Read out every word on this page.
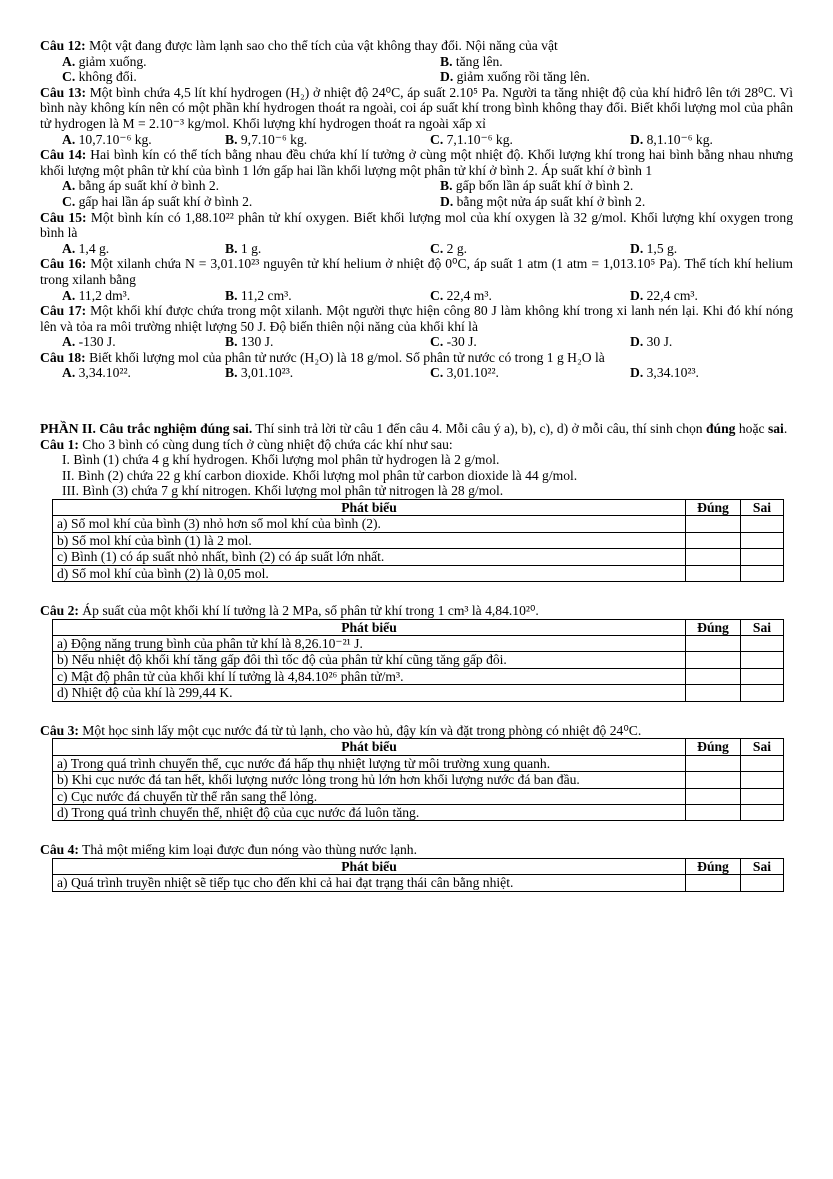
Câu 12: Một vật đang được làm lạnh sao cho thể tích của vật không thay đổi. Nội năng của vật
A. giảm xuống.	B. tăng lên.
C. không đổi.	D. giảm xuống rồi tăng lên.
Câu 13: Một bình chứa 4,5 lít khí hydrogen (H₂) ở nhiệt độ 24⁰C, áp suất 2.10⁵ Pa. Người ta tăng nhiệt độ của khí hiđrô lên tới 28⁰C. Vì bình này không kín nên có một phần khí hydrogen thoát ra ngoài, coi áp suất khí trong bình không thay đổi. Biết khối lượng mol của phân tử hydrogen là M = 2.10⁻³ kg/mol. Khối lượng khí hydrogen thoát ra ngoài xấp xỉ
A. 10,7.10⁻⁶ kg.	B. 9,7.10⁻⁶ kg.	C. 7,1.10⁻⁶ kg.	D. 8,1.10⁻⁶ kg.
Câu 14: Hai bình kín có thể tích bằng nhau đều chứa khí lí tưởng ở cùng một nhiệt độ. Khối lượng khí trong hai bình bằng nhau nhưng khối lượng một phân tử khí của bình 1 lớn gấp hai lần khối lượng một phân tử khí ở bình 2. Áp suất khí ở bình 1
A. bằng áp suất khí ở bình 2.	B. gấp bốn lần áp suất khí ở bình 2.
C. gấp hai lần áp suất khí ở bình 2.	D. bằng một nửa áp suất khí ở bình 2.
Câu 15: Một bình kín có 1,88.10²² phân tử khí oxygen. Biết khối lượng mol của khí oxygen là 32 g/mol. Khối lượng khí oxygen trong bình là
A. 1,4 g.	B. 1 g.	C. 2 g.	D. 1,5 g.
Câu 16: Một xilanh chứa N = 3,01.10²³ nguyên tử khí helium ở nhiệt độ 0⁰C, áp suất 1 atm (1 atm = 1,013.10⁵ Pa). Thể tích khí helium trong xilanh bằng
A. 11,2 dm³.	B. 11,2 cm³.	C. 22,4 m³.	D. 22,4 cm³.
Câu 17: Một khối khí được chứa trong một xilanh. Một người thực hiện công 80 J làm không khí trong xi lanh nén lại. Khi đó khí nóng lên và tỏa ra môi trường nhiệt lượng 50 J. Độ biến thiên nội năng của khối khí là
A. -130 J.	B. 130 J.	C. -30 J.	D. 30 J.
Câu 18: Biết khối lượng mol của phân tử nước (H₂O) là 18 g/mol. Số phân tử nước có trong 1 g H₂O là
A. 3,34.10²².	B. 3,01.10²³.	C. 3,01.10²².	D. 3,34.10²³.
PHẦN II. Câu trắc nghiệm đúng sai. Thí sinh trả lời từ câu 1 đến câu 4. Mỗi câu ý a), b), c), d) ở mỗi câu, thí sinh chọn đúng hoặc sai.
Câu 1: Cho 3 bình có cùng dung tích ở cùng nhiệt độ chứa các khí như sau:
I. Bình (1) chứa 4 g khí hydrogen. Khối lượng mol phân tử hydrogen là 2 g/mol.
II. Bình (2) chứa 22 g khí carbon dioxide. Khối lượng mol phân tử carbon dioxide là 44 g/mol.
III. Bình (3) chứa 7 g khí nitrogen. Khối lượng mol phân tử nitrogen là 28 g/mol.
Phát biểu	Đúng	Sai
a) Số mol khí của bình (3) nhỏ hơn số mol khí của bình (2).		
b) Số mol khí của bình (1) là 2 mol.		
c) Bình (1) có áp suất nhỏ nhất, bình (2) có áp suất lớn nhất.		
d) Số mol khí của bình (2) là 0,05 mol.		
Câu 2: Áp suất của một khối khí lí tưởng là 2 MPa, số phân tử khí trong 1 cm³ là 4,84.10²⁰.
Phát biểu	Đúng	Sai
a) Động năng trung bình của phân tử khí là 8,26.10⁻²¹ J.		
b) Nếu nhiệt độ khối khí tăng gấp đôi thì tốc độ của phân tử khí cũng tăng gấp đôi.		
c) Mật độ phân tử của khối khí lí tưởng là 4,84.10²⁶ phân tử/m³.		
d) Nhiệt độ của khí là 299,44 K.		
Câu 3: Một học sinh lấy một cục nước đá từ tủ lạnh, cho vào hủ, đậy kín và đặt trong phòng có nhiệt độ 24⁰C.
Phát biểu	Đúng	Sai
a) Trong quá trình chuyển thể, cục nước đá hấp thụ nhiệt lượng từ môi trường xung quanh.		
b) Khi cục nước đá tan hết, khối lượng nước lỏng trong hủ lớn hơn khối lượng nước đá ban đầu.		
c) Cục nước đá chuyển từ thể rắn sang thể lỏng.		
d) Trong quá trình chuyển thể, nhiệt độ của cục nước đá luôn tăng.		
Câu 4: Thả một miếng kim loại được đun nóng vào thùng nước lạnh.
Phát biểu	Đúng	Sai
a) Quá trình truyền nhiệt sẽ tiếp tục cho đến khi cả hai đạt trạng thái cân bằng nhiệt.		
